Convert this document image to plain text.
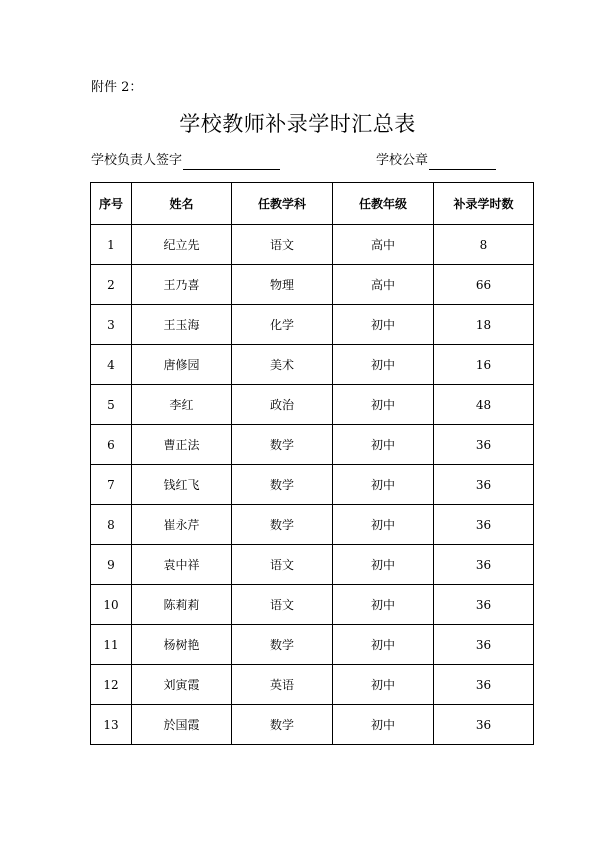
附件 2：
学校教师补录学时汇总表
学校负责人签字	学校公章
序号	姓名	任教学科	任教年级	补录学时数
1	纪立先	语文	高中	8
2	王乃喜	物理	高中	66
3	王玉海	化学	初中	18
4	唐修园	美术	初中	16
5	李红	政治	初中	48
6	曹正法	数学	初中	36
7	钱红飞	数学	初中	36
8	崔永芹	数学	初中	36
9	袁中祥	语文	初中	36
10	陈莉莉	语文	初中	36
11	杨树艳	数学	初中	36
12	刘寅霞	英语	初中	36
13	於国霞	数学	初中	36
